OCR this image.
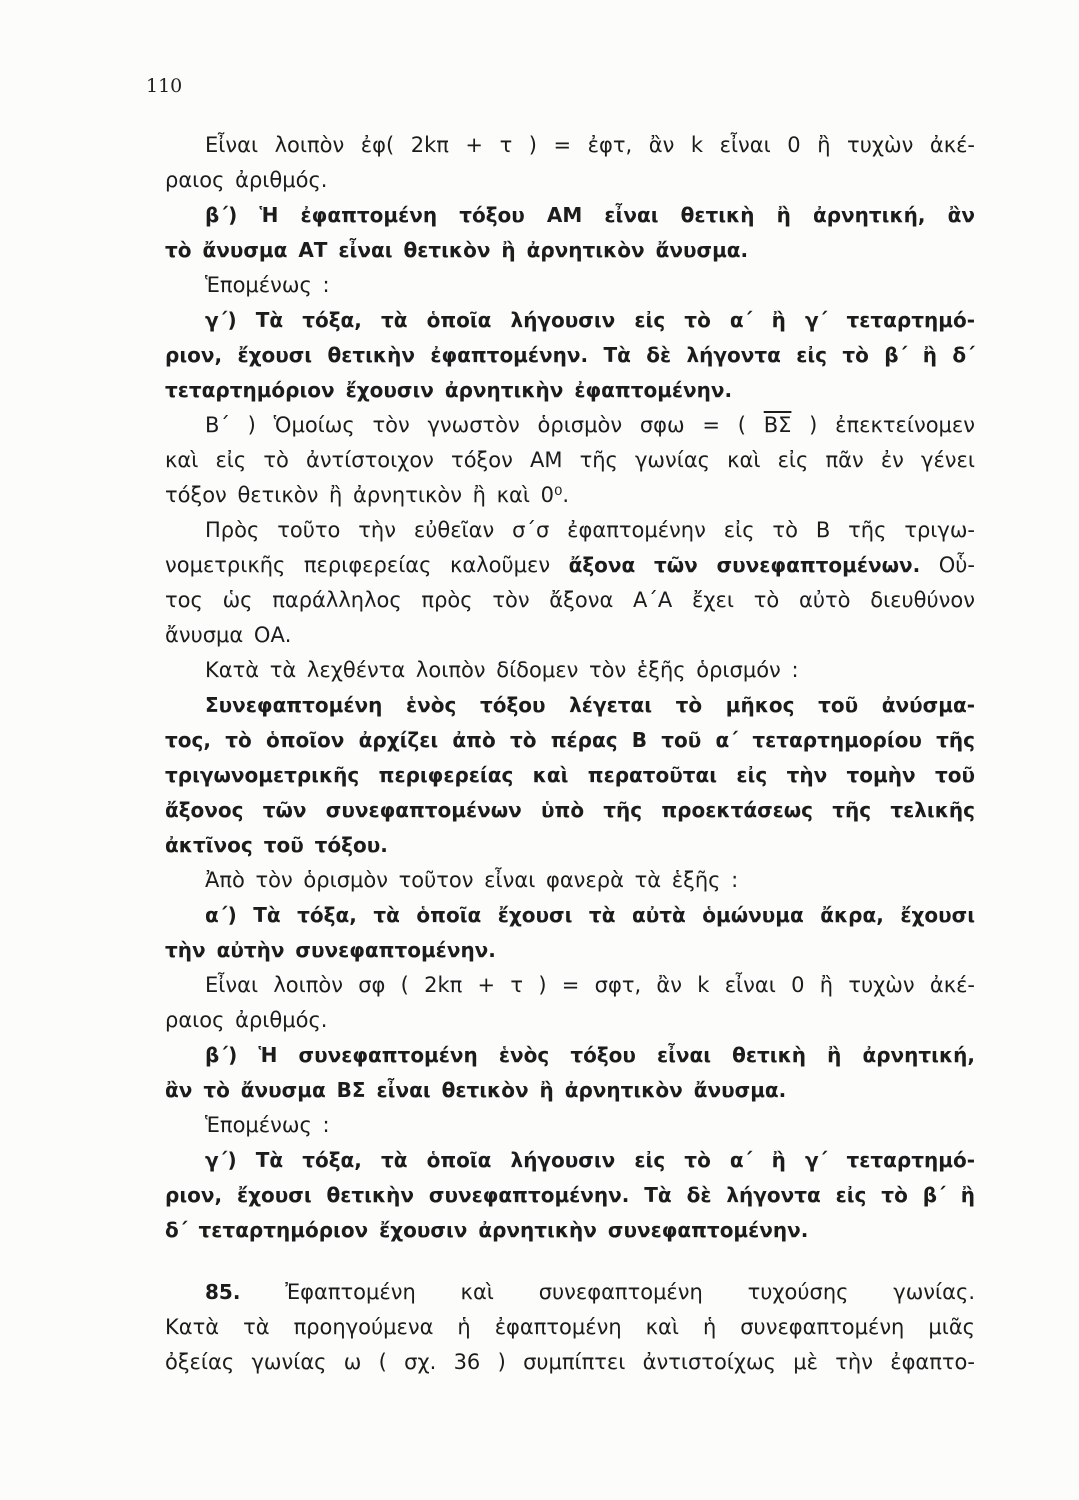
110
Εἶναι λοιπὸν ἐφ( 2kπ + τ ) = ἐφτ, ἂν k εἶναι 0 ἢ τυχὼν ἀκέ-
ραιος ἀριθμός.
β΄) Ἡ ἐφαπτομένη τόξου ΑΜ εἶναι θετικὴ ἢ ἀρνητική, ἂν
τὸ ἄνυσμα ΑΤ εἶναι θετικὸν ἢ ἀρνητικὸν ἄνυσμα.
Ἑπομένως :
γ΄) Τὰ τόξα, τὰ ὁποῖα λήγουσιν εἰς τὸ α΄ ἢ γ΄ τεταρτημό-
ριον, ἔχουσι θετικὴν ἐφαπτομένην. Τὰ δὲ λήγοντα εἰς τὸ β΄ ἢ δ΄
τεταρτημόριον ἔχουσιν ἀρνητικὴν ἐφαπτομένην.
Β΄ ) Ὁμοίως τὸν γνωστὸν ὁρισμὸν σφω = ( $\overline{B\Sigma}$ ) ἐπεκτείνομεν
καὶ εἰς τὸ ἀντίστοιχον τόξον ΑΜ τῆς γωνίας καὶ εἰς πᾶν ἐν γένει
τόξον θετικὸν ἢ ἀρνητικὸν ἢ καὶ 0⁰.
Πρὸς τοῦτο τὴν εὐθεῖαν σ΄σ ἐφαπτομένην εἰς τὸ Β τῆς τριγω-
νομετρικῆς περιφερείας καλοῦμεν ἄξονα τῶν συνεφαπτομένων. Οὗ-
τος ὡς παράλληλος πρὸς τὸν ἄξονα Α΄Α ἔχει τὸ αὐτὸ διευθύνον
ἄνυσμα ΟΑ.
Κατὰ τὰ λεχθέντα λοιπὸν δίδομεν τὸν ἑξῆς ὁρισμόν :
Συνεφαπτομένη ἑνὸς τόξου λέγεται τὸ μῆκος τοῦ ἀνύσμα-
τος, τὸ ὁποῖον ἀρχίζει ἀπὸ τὸ πέρας Β τοῦ α΄ τεταρτημορίου τῆς
τριγωνομετρικῆς περιφερείας καὶ περατοῦται εἰς τὴν τομὴν τοῦ
ἄξονος τῶν συνεφαπτομένων ὑπὸ τῆς προεκτάσεως τῆς τελικῆς
ἀκτῖνος τοῦ τόξου.
Ἀπὸ τὸν ὁρισμὸν τοῦτον εἶναι φανερὰ τὰ ἑξῆς :
α΄) Τὰ τόξα, τὰ ὁποῖα ἔχουσι τὰ αὐτὰ ὁμώνυμα ἄκρα, ἔχουσι
τὴν αὐτὴν συνεφαπτομένην.
Εἶναι λοιπὸν σφ ( 2kπ + τ ) = σφτ, ἂν k εἶναι 0 ἢ τυχὼν ἀκέ-
ραιος ἀριθμός.
β΄) Ἡ συνεφαπτομένη ἑνὸς τόξου εἶναι θετικὴ ἢ ἀρνητική,
ἂν τὸ ἄνυσμα ΒΣ εἶναι θετικὸν ἢ ἀρνητικὸν ἄνυσμα.
Ἑπομένως :
γ΄) Τὰ τόξα, τὰ ὁποῖα λήγουσιν εἰς τὸ α΄ ἢ γ΄ τεταρτημό-
ριον, ἔχουσι θετικὴν συνεφαπτομένην. Τὰ δὲ λήγοντα εἰς τὸ β΄ ἢ
δ΄ τεταρτημόριον ἔχουσιν ἀρνητικὴν συνεφαπτομένην.
85. Ἐφαπτομένη καὶ συνεφαπτομένη τυχούσης γωνίας.
Κατὰ τὰ προηγούμενα ἡ ἐφαπτομένη καὶ ἡ συνεφαπτομένη μιᾶς
ὀξείας γωνίας ω ( σχ. 36 ) συμπίπτει ἀντιστοίχως μὲ τὴν ἐφαπτο-
